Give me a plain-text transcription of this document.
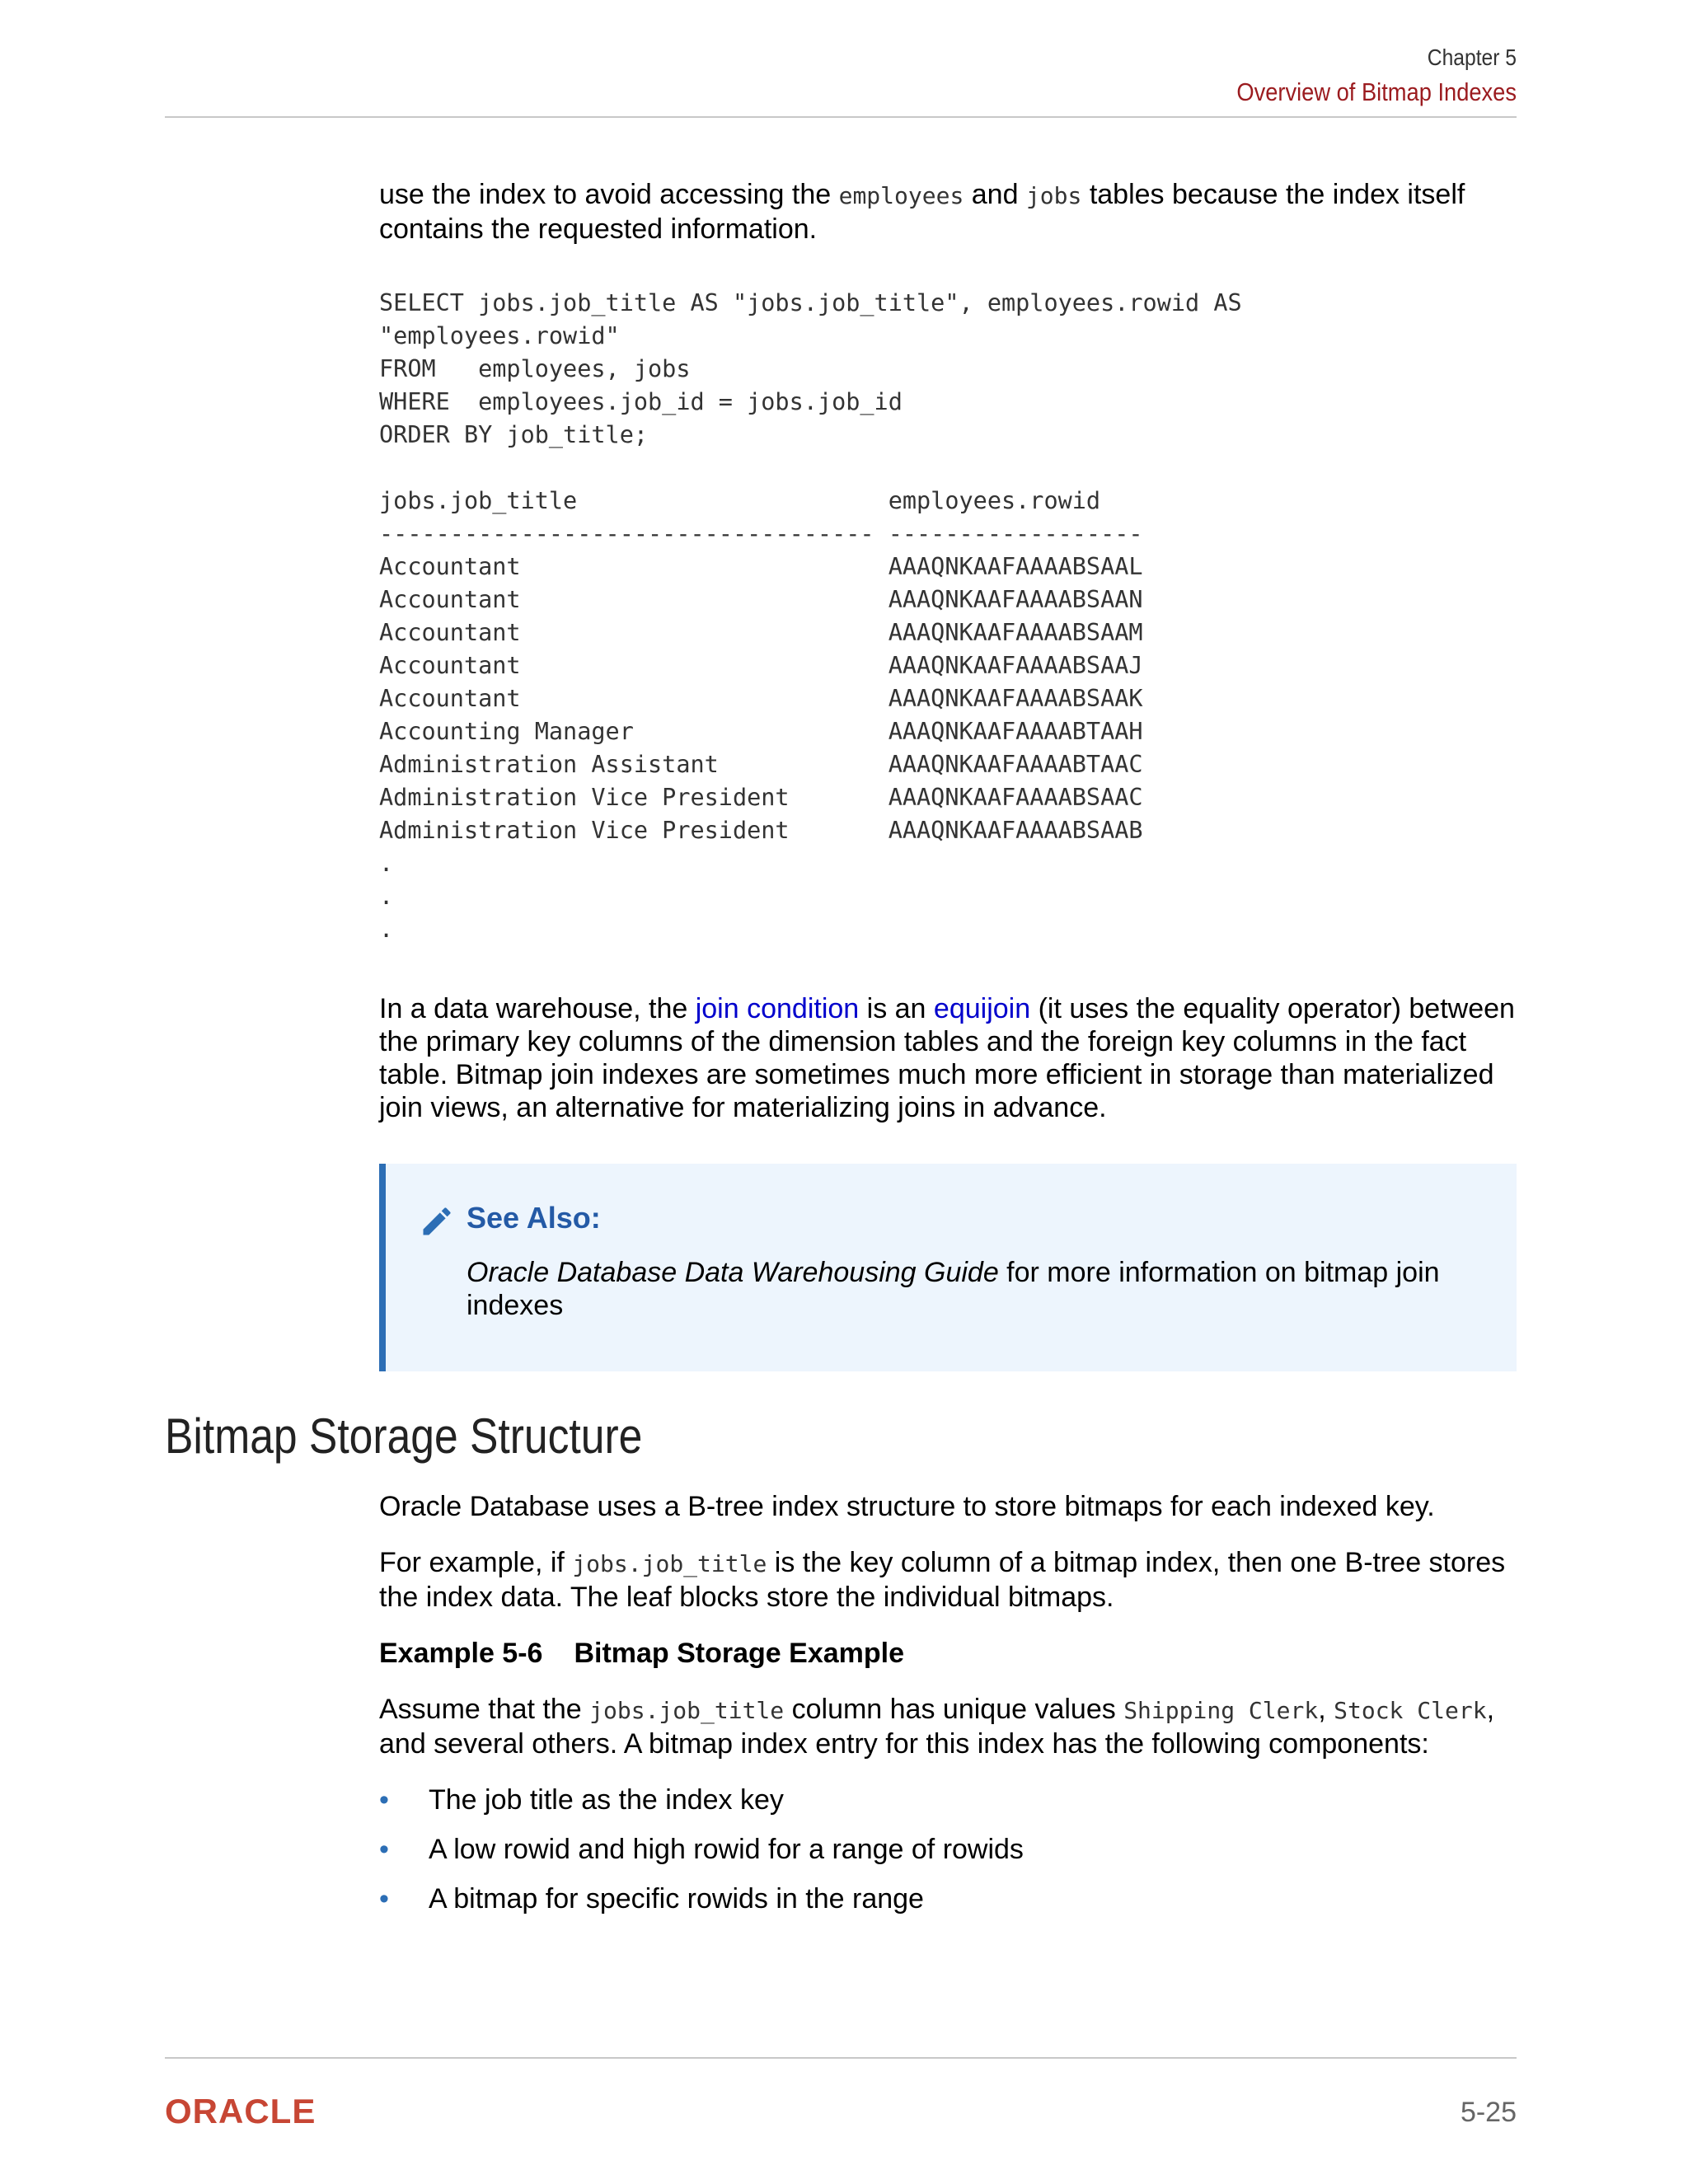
Chapter 5
Overview of Bitmap Indexes

use the index to avoid accessing the employees and jobs tables because the index itself contains the requested information.

SELECT jobs.job_title AS "jobs.job_title", employees.rowid AS
"employees.rowid"
FROM   employees, jobs
WHERE  employees.job_id = jobs.job_id
ORDER BY job_title;

jobs.job_title                      employees.rowid
----------------------------------- ------------------
Accountant                          AAAQNKAAFAAAABSAAL
Accountant                          AAAQNKAAFAAAABSAAN
Accountant                          AAAQNKAAFAAAABSAAM
Accountant                          AAAQNKAAFAAAABSAAJ
Accountant                          AAAQNKAAFAAAABSAAK
Accounting Manager                  AAAQNKAAFAAAABTAAH
Administration Assistant            AAAQNKAAFAAAABTAAC
Administration Vice President       AAAQNKAAFAAAABSAAC
Administration Vice President       AAAQNKAAFAAAABSAAB
.
.
.

In a data warehouse, the join condition is an equijoin (it uses the equality operator) between the primary key columns of the dimension tables and the foreign key columns in the fact table. Bitmap join indexes are sometimes much more efficient in storage than materialized join views, an alternative for materializing joins in advance.

See Also:
Oracle Database Data Warehousing Guide for more information on bitmap join indexes
Bitmap Storage Structure

Oracle Database uses a B-tree index structure to store bitmaps for each indexed key.

For example, if jobs.job_title is the key column of a bitmap index, then one B-tree stores the index data. The leaf blocks store the individual bitmaps.

Example 5-6 Bitmap Storage Example

Assume that the jobs.job_title column has unique values Shipping Clerk, Stock Clerk, and several others. A bitmap index entry for this index has the following components:

• The job title as the index key
• A low rowid and high rowid for a range of rowids
• A bitmap for specific rowids in the range
ORACLE	5-25
